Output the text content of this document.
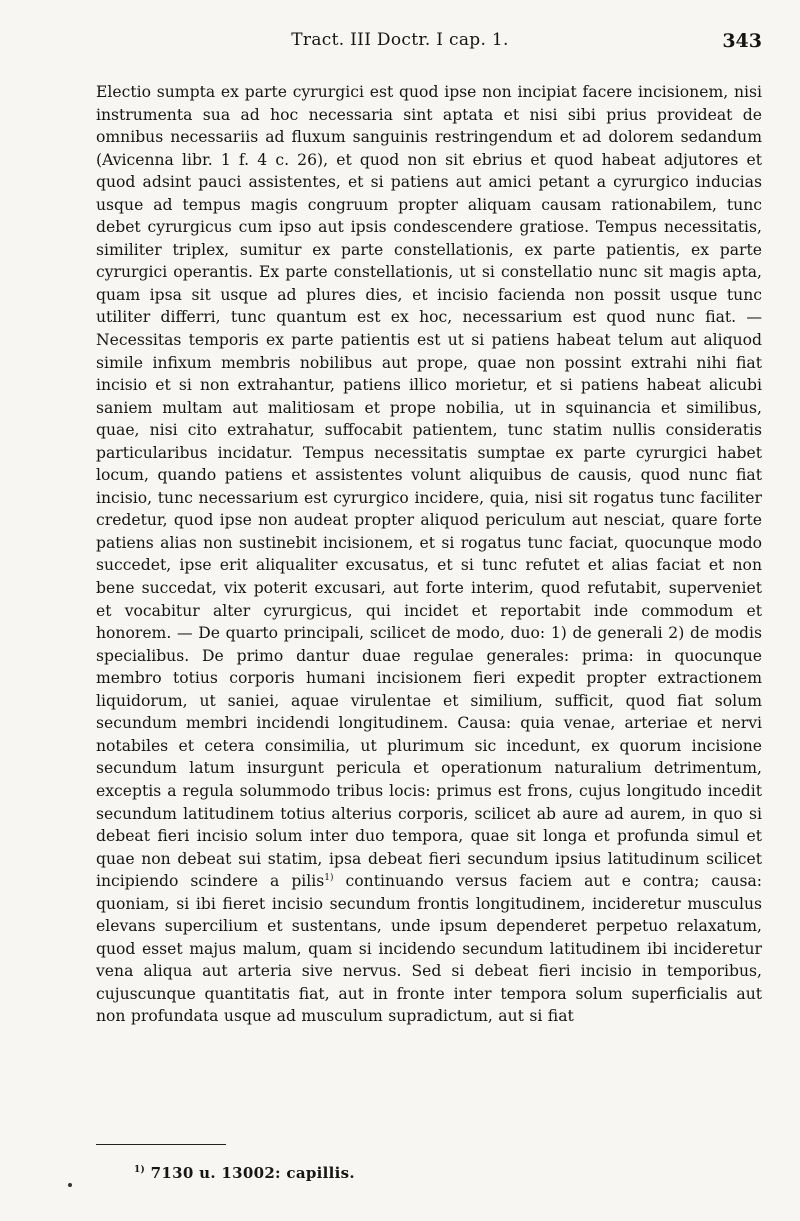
Tract. III Doctr. I cap. 1.	343

Electio sumpta ex parte cyrurgici est quod ipse non incipiat facere incisionem, nisi instrumenta sua ad hoc necessaria sint aptata et nisi sibi prius provideat de omnibus necessariis ad fluxum sanguinis restringendum et ad dolorem sedandum (Avicenna libr. 1 f. 4 c. 26), et quod non sit ebrius et quod habeat adjutores et quod adsint pauci assistentes, et si patiens aut amici petant a cyrurgico inducias usque ad tempus magis congruum propter aliquam causam rationabilem, tunc debet cyrurgicus cum ipso aut ipsis condescendere gratiose. Tempus necessitatis, similiter triplex, sumitur ex parte constellationis, ex parte patientis, ex parte cyrurgici operantis. Ex parte constellationis, ut si constellatio nunc sit magis apta, quam ipsa sit usque ad plures dies, et incisio facienda non possit usque tunc utiliter differri, tunc quantum est ex hoc, necessarium est quod nunc fiat. — Necessitas temporis ex parte patientis est ut si patiens habeat telum aut aliquod simile infixum membris nobilibus aut prope, quae non possint extrahi nihi fiat incisio et si non extrahantur, patiens illico morietur, et si patiens habeat alicubi saniem multam aut malitiosam et prope nobilia, ut in squinancia et similibus, quae, nisi cito extrahatur, suffocabit patientem, tunc statim nullis consideratis particularibus incidatur. Tempus necessitatis sumptae ex parte cyrurgici habet locum, quando patiens et assistentes volunt aliquibus de causis, quod nunc fiat incisio, tunc necessarium est cyrurgico incidere, quia, nisi sit rogatus tunc faciliter credetur, quod ipse non audeat propter aliquod periculum aut nesciat, quare forte patiens alias non sustinebit incisionem, et si rogatus tunc faciat, quocunque modo succedet, ipse erit aliqualiter excusatus, et si tunc refutet et alias faciat et non bene succedat, vix poterit excusari, aut forte interim, quod refutabit, superveniet et vocabitur alter cyrurgicus, qui incidet et reportabit inde commodum et honorem. — De quarto principali, scilicet de modo, duo: 1) de generali 2) de modis specialibus. De primo dantur duae regulae generales: prima: in quocunque membro totius corporis humani incisionem fieri expedit propter extractionem liquidorum, ut saniei, aquae virulentae et similium, sufficit, quod fiat solum secundum membri incidendi longitudinem. Causa: quia venae, arteriae et nervi notabiles et cetera consimilia, ut plurimum sic incedunt, ex quorum incisione secundum latum insurgunt pericula et operationum naturalium detrimentum, exceptis a regula solummodo tribus locis: primus est frons, cujus longitudo incedit secundum latitudinem totius alterius corporis, scilicet ab aure ad aurem, in quo si debeat fieri incisio solum inter duo tempora, quae sit longa et profunda simul et quae non debeat sui statim, ipsa debeat fieri secundum ipsius latitudinum scilicet incipiendo scindere a pilis$^{1)}$ continuando versus faciem aut e contra; causa: quoniam, si ibi fieret incisio secundum frontis longitudinem, incideretur musculus elevans supercilium et sustentans, unde ipsum dependeret perpetuo relaxatum, quod esset majus malum, quam si incidendo secundum latitudinem ibi incideretur vena aliqua aut arteria sive nervus. Sed si debeat fieri incisio in temporibus, cujuscunque quantitatis fiat, aut in fronte inter tempora solum superficialis aut non profundata usque ad musculum supradictum, aut si fiat

$^{1)}$ 7130 u. 13002: capillis.
